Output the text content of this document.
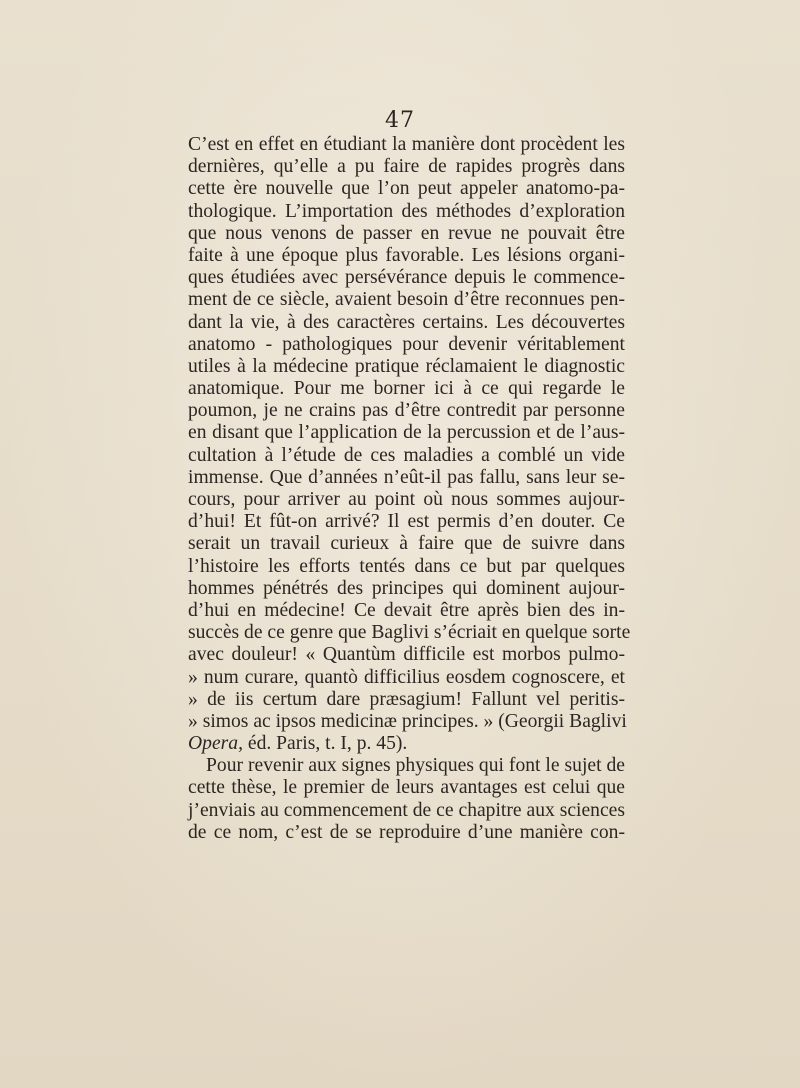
47
C’est en effet en étudiant la manière dont procèdent les
dernières, qu’elle a pu faire de rapides progrès dans
cette ère nouvelle que l’on peut appeler anatomo-pa-
thologique. L’importation des méthodes d’exploration
que nous venons de passer en revue ne pouvait être
faite à une époque plus favorable. Les lésions organi-
ques étudiées avec persévérance depuis le commence-
ment de ce siècle, avaient besoin d’être reconnues pen-
dant la vie, à des caractères certains. Les découvertes
anatomo - pathologiques pour devenir véritablement
utiles à la médecine pratique réclamaient le diagnostic
anatomique. Pour me borner ici à ce qui regarde le
poumon, je ne crains pas d’être contredit par personne
en disant que l’application de la percussion et de l’aus-
cultation à l’étude de ces maladies a comblé un vide
immense. Que d’années n’eût-il pas fallu, sans leur se-
cours, pour arriver au point où nous sommes aujour-
d’hui! Et fût-on arrivé? Il est permis d’en douter. Ce
serait un travail curieux à faire que de suivre dans
l’histoire les efforts tentés dans ce but par quelques
hommes pénétrés des principes qui dominent aujour-
d’hui en médecine! Ce devait être après bien des in-
succès de ce genre que Baglivi s’écriait en quelque sorte
avec douleur! « Quantùm difficile est morbos pulmo-
» num curare, quantò difficilius eosdem cognoscere, et
» de iis certum dare præsagium! Fallunt vel peritis-
» simos ac ipsos medicinæ principes. » (Georgii Baglivi
Opera, éd. Paris, t. I, p. 45).
Pour revenir aux signes physiques qui font le sujet de
cette thèse, le premier de leurs avantages est celui que
j’enviais au commencement de ce chapitre aux sciences
de ce nom, c’est de se reproduire d’une manière con-
